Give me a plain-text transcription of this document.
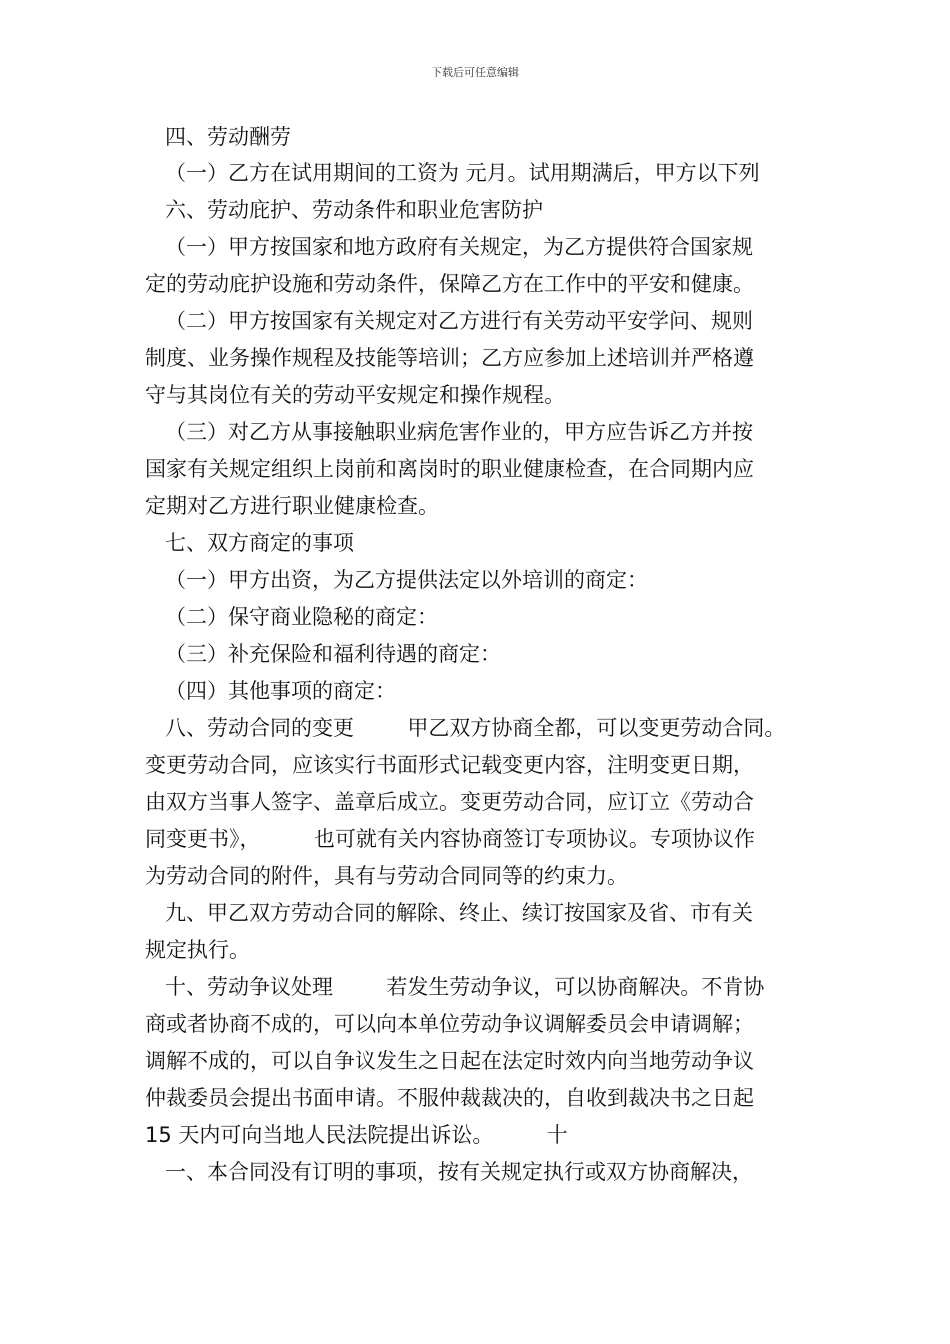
下载后可任意编辑
四、劳动酬劳
（一）乙方在试用期间的工资为 元月。试用期满后，甲方以下列
六、劳动庇护、劳动条件和职业危害防护
（一）甲方按国家和地方政府有关规定，为乙方提供符合国家规
定的劳动庇护设施和劳动条件，保障乙方在工作中的平安和健康。
（二）甲方按国家有关规定对乙方进行有关劳动平安学问、规则
制度、业务操作规程及技能等培训；乙方应参加上述培训并严格遵
守与其岗位有关的劳动平安规定和操作规程。
（三）对乙方从事接触职业病危害作业的，甲方应告诉乙方并按
国家有关规定组织上岗前和离岗时的职业健康检查，在合同期内应
定期对乙方进行职业健康检查。
七、双方商定的事项
（一）甲方出资，为乙方提供法定以外培训的商定：
（二）保守商业隐秘的商定：
（三）补充保险和福利待遇的商定：
（四）其他事项的商定：
八、劳动合同的变更        甲乙双方协商全都，可以变更劳动合同。
变更劳动合同，应该实行书面形式记载变更内容，注明变更日期，
由双方当事人签字、盖章后成立。变更劳动合同，应订立《劳动合
同变更书》，        也可就有关内容协商签订专项协议。专项协议作
为劳动合同的附件，具有与劳动合同同等的约束力。
九、甲乙双方劳动合同的解除、终止、续订按国家及省、市有关
规定执行。
十、劳动争议处理        若发生劳动争议，可以协商解决。不肯协
商或者协商不成的，可以向本单位劳动争议调解委员会申请调解；
调解不成的，可以自争议发生之日起在法定时效内向当地劳动争议
仲裁委员会提出书面申请。不服仲裁裁决的，自收到裁决书之日起
15 天内可向当地人民法院提出诉讼。        十
一、本合同没有订明的事项，按有关规定执行或双方协商解决，
